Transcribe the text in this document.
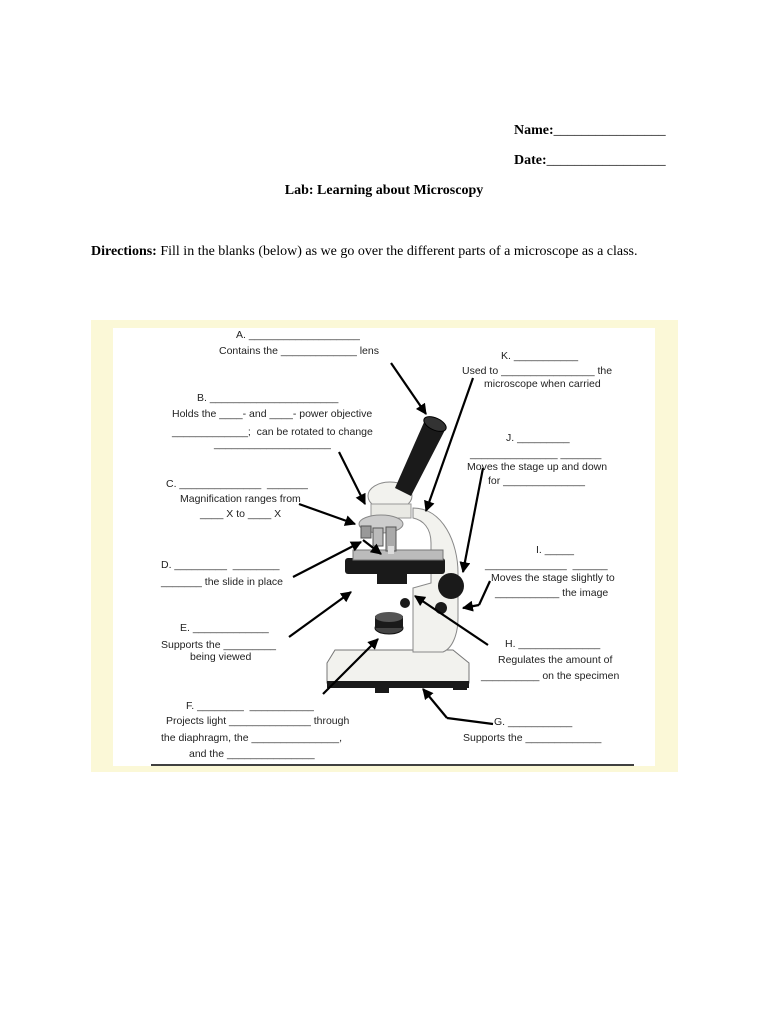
Name:________________
Date:_________________
Lab: Learning about Microscopy
Directions: Fill in the blanks (below) as we go over the different parts of a microscope as a class.
A. ___________________
Contains the _____________ lens
B. ______________________
Holds the ____- and ____- power objective
_____________;  can be rotated to change
____________________
C. ______________  _______
Magnification ranges from
____ X to ____ X
D. _________  ________
_______ the slide in place
E. _____________
Supports the _________
being viewed
F. ________  ___________
Projects light ______________ through
the diaphragm, the _______________,
and the _______________
G. ___________
Supports the _____________
H. ______________
Regulates the amount of
__________ on the specimen
I. _____
______________  ______
Moves the stage slightly to
___________ the image
J. _________
_______________ _______
Moves the stage up and down
for ______________
K. ___________
Used to ________________ the
microscope when carried
